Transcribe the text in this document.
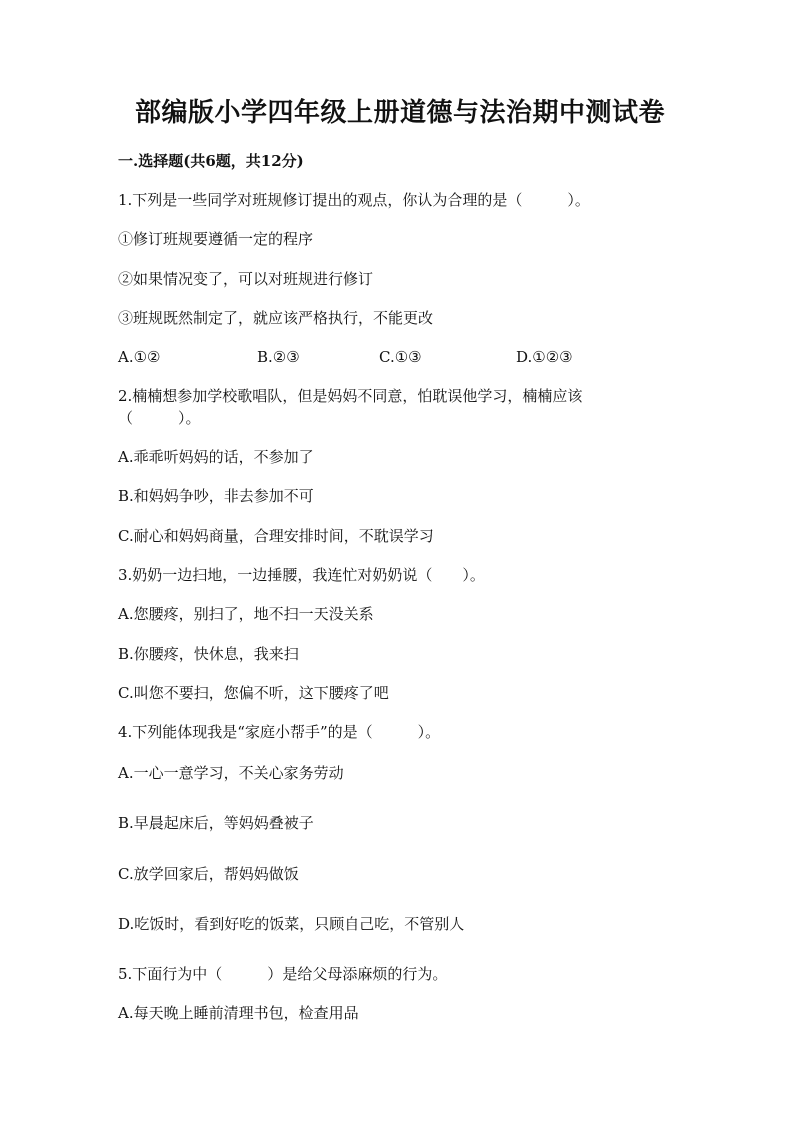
部编版小学四年级上册道德与法治期中测试卷
一.选择题(共6题，共12分)
1.下列是一些同学对班规修订提出的观点，你认为合理的是（　　　）。
①修订班规要遵循一定的程序
②如果情况变了，可以对班规进行修订
③班规既然制定了，就应该严格执行，不能更改
A.①②	B.②③	C.①③	D.①②③
2.楠楠想参加学校歌唱队，但是妈妈不同意，怕耽误他学习，楠楠应该
（　　　）。
A.乖乖听妈妈的话，不参加了
B.和妈妈争吵，非去参加不可
C.耐心和妈妈商量，合理安排时间，不耽误学习
3.奶奶一边扫地，一边捶腰，我连忙对奶奶说（　　）。
A.您腰疼，别扫了，地不扫一天没关系
B.你腰疼，快休息，我来扫
C.叫您不要扫，您偏不听，这下腰疼了吧
4.下列能体现我是“家庭小帮手”的是（　　　）。
A.一心一意学习，不关心家务劳动
B.早晨起床后，等妈妈叠被子
C.放学回家后，帮妈妈做饭
D.吃饭时，看到好吃的饭菜，只顾自己吃，不管别人
5.下面行为中（　　　）是给父母添麻烦的行为。
A.每天晚上睡前清理书包，检查用品
